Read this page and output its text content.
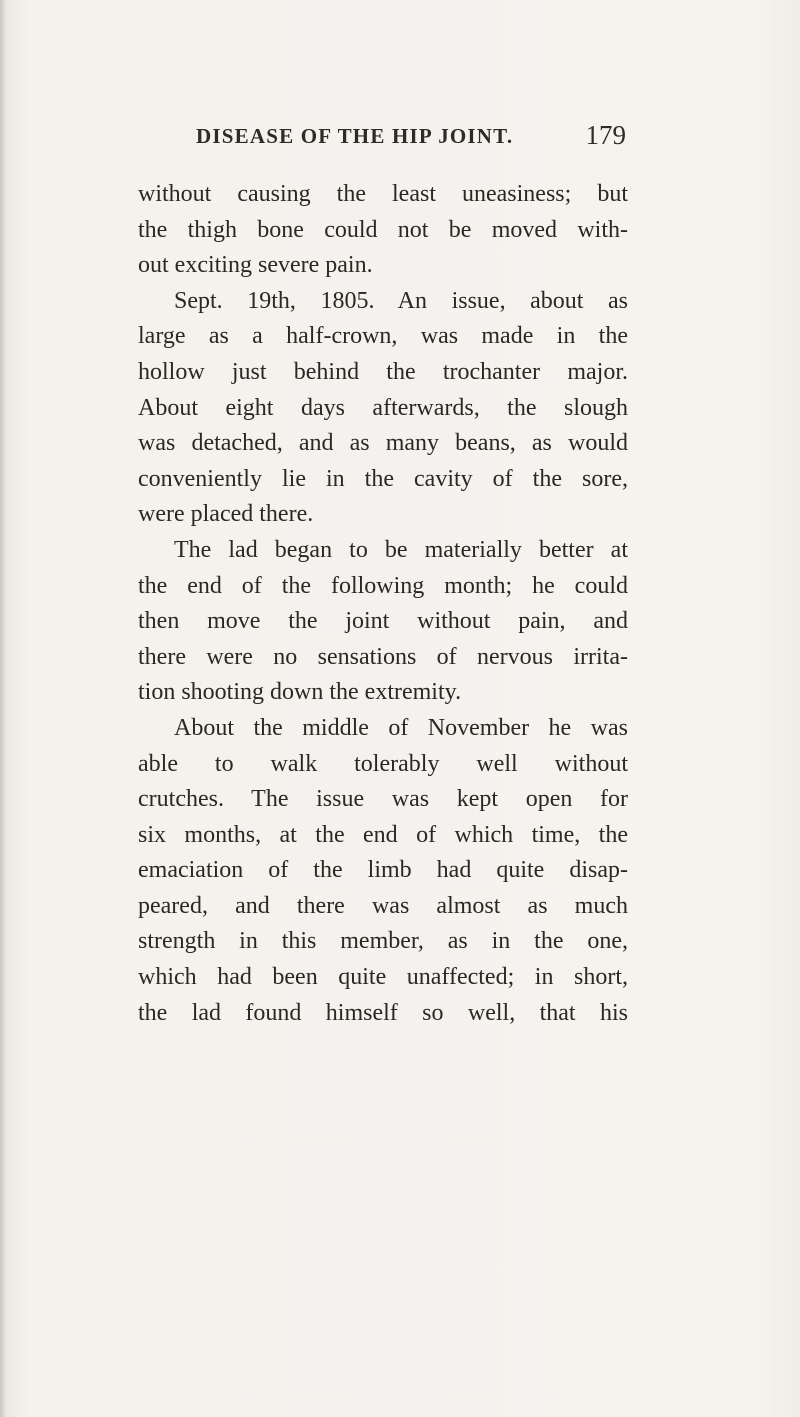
DISEASE OF THE HIP JOINT.	179
without causing the least uneasiness; but
the thigh bone could not be moved with-
out exciting severe pain.
Sept. 19th, 1805. An issue, about as
large as a half-crown, was made in the
hollow just behind the trochanter major.
About eight days afterwards, the slough
was detached, and as many beans, as would
conveniently lie in the cavity of the sore,
were placed there.
The lad began to be materially better at
the end of the following month; he could
then move the joint without pain, and
there were no sensations of nervous irrita-
tion shooting down the extremity.
About the middle of November he was
able to walk tolerably well without
crutches. The issue was kept open for
six months, at the end of which time, the
emaciation of the limb had quite disap-
peared, and there was almost as much
strength in this member, as in the one,
which had been quite unaffected; in short,
the lad found himself so well, that his
